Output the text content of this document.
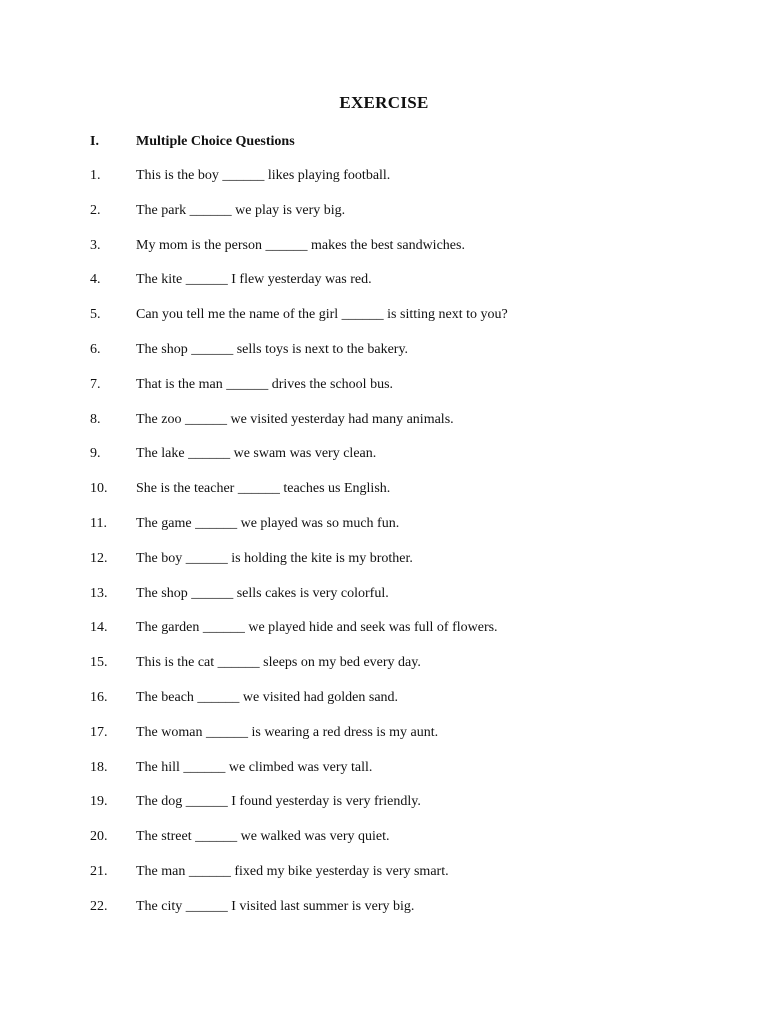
EXERCISE
I.	Multiple Choice Questions
1.	This is the boy ______ likes playing football.
2.	The park ______ we play is very big.
3.	My mom is the person ______ makes the best sandwiches.
4.	The kite ______ I flew yesterday was red.
5.	Can you tell me the name of the girl ______ is sitting next to you?
6.	The shop ______ sells toys is next to the bakery.
7.	That is the man ______ drives the school bus.
8.	The zoo ______ we visited yesterday had many animals.
9.	The lake ______ we swam was very clean.
10. She is the teacher ______ teaches us English.
11. The game ______ we played was so much fun.
12. The boy ______ is holding the kite is my brother.
13. The shop ______ sells cakes is very colorful.
14. The garden ______ we played hide and seek was full of flowers.
15. This is the cat ______ sleeps on my bed every day.
16. The beach ______ we visited had golden sand.
17. The woman ______ is wearing a red dress is my aunt.
18. The hill ______ we climbed was very tall.
19. The dog ______ I found yesterday is very friendly.
20. The street ______ we walked was very quiet.
21. The man ______ fixed my bike yesterday is very smart.
22. The city ______ I visited last summer is very big.
